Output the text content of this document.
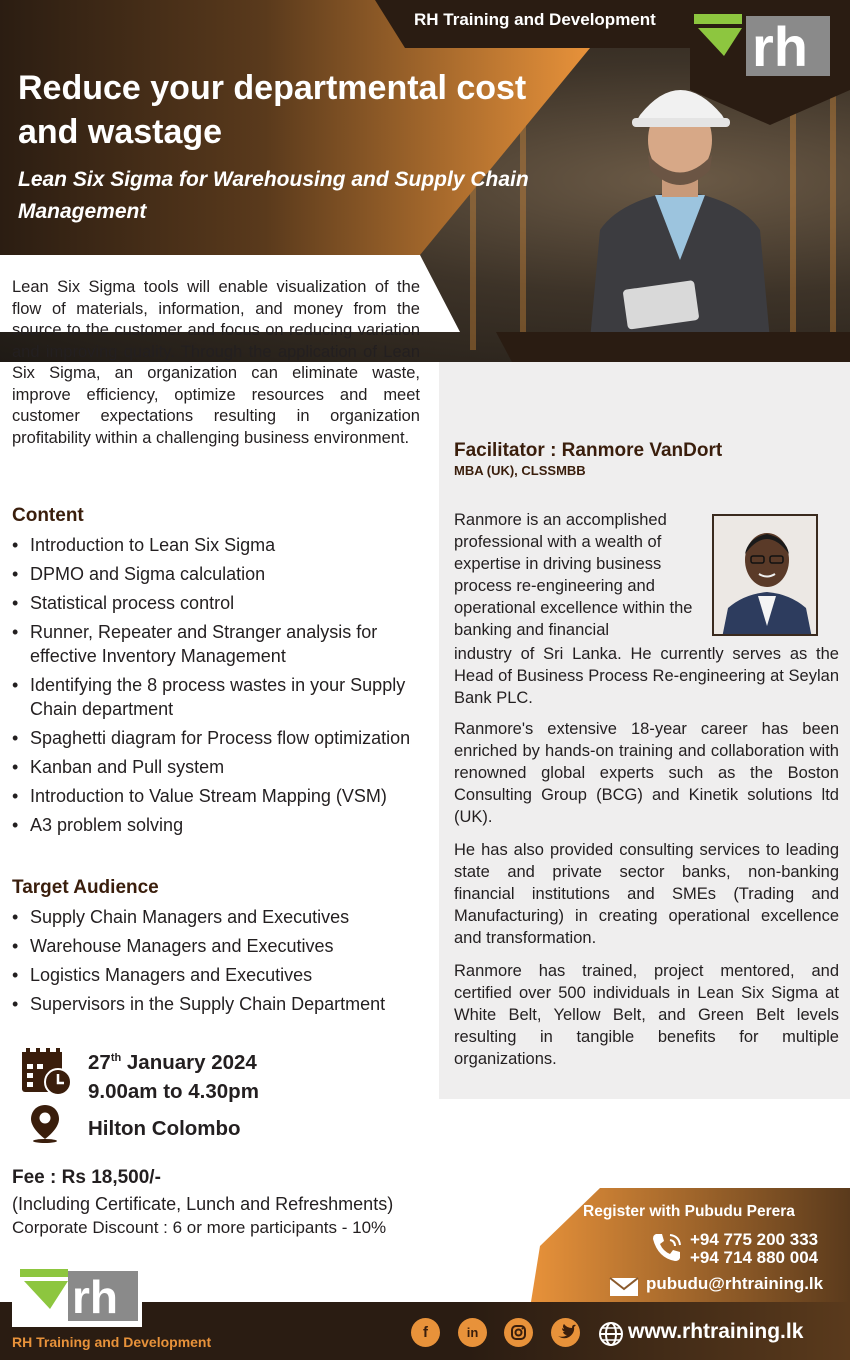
RH Training and Development rh
Reduce your departmental cost and wastage
Lean Six Sigma for Warehousing and Supply Chain Management

Lean Six Sigma tools will enable visualization of the flow of materials, information, and money from the source to the customer and focus on reducing variation and improving quality. Through the application of Lean Six Sigma, an organization can eliminate waste, improve efficiency, optimize resources and meet customer expectations resulting in organization profitability within a challenging business environment.

Content
• Introduction to Lean Six Sigma
• DPMO and Sigma calculation
• Statistical process control
• Runner, Repeater and Stranger analysis for effective Inventory Management
• Identifying the 8 process wastes in your Supply Chain department
• Spaghetti diagram for Process flow optimization
• Kanban and Pull system
• Introduction to Value Stream Mapping (VSM)
• A3 problem solving
Target Audience
• Supply Chain Managers and Executives
• Warehouse Managers and Executives
• Logistics Managers and Executives
• Supervisors in the Supply Chain Department
27th January 2024
9.00am to 4.30pm
Hilton Colombo
Fee : Rs 18,500/-
(Including Certificate, Lunch and Refreshments)
Corporate Discount : 6 or more participants - 10%
Facilitator : Ranmore VanDort
MBA (UK), CLSSMBB

Ranmore is an accomplished professional with a wealth of expertise in driving business process re-engineering and operational excellence within the banking and financial

industry of Sri Lanka. He currently serves as the Head of Business Process Re-engineering at Seylan Bank PLC.

Ranmore's extensive 18-year career has been enriched by hands-on training and collaboration with renowned global experts such as the Boston Consulting Group (BCG) and Kinetik solutions ltd (UK).

He has also provided consulting services to leading state and private sector banks, non-banking financial institutions and SMEs (Trading and Manufacturing) in creating operational excellence and transformation.

Ranmore has trained, project mentored, and certified over 500 individuals in Lean Six Sigma at White Belt, Yellow Belt, and Green Belt levels resulting in tangible benefits for multiple organizations.

rh
Register with Pubudu Perera
+94 775 200 333
+94 714 880 004
pubudu@rhtraining.lk
RH Training and Development
f	in	www.rhtraining.lk
